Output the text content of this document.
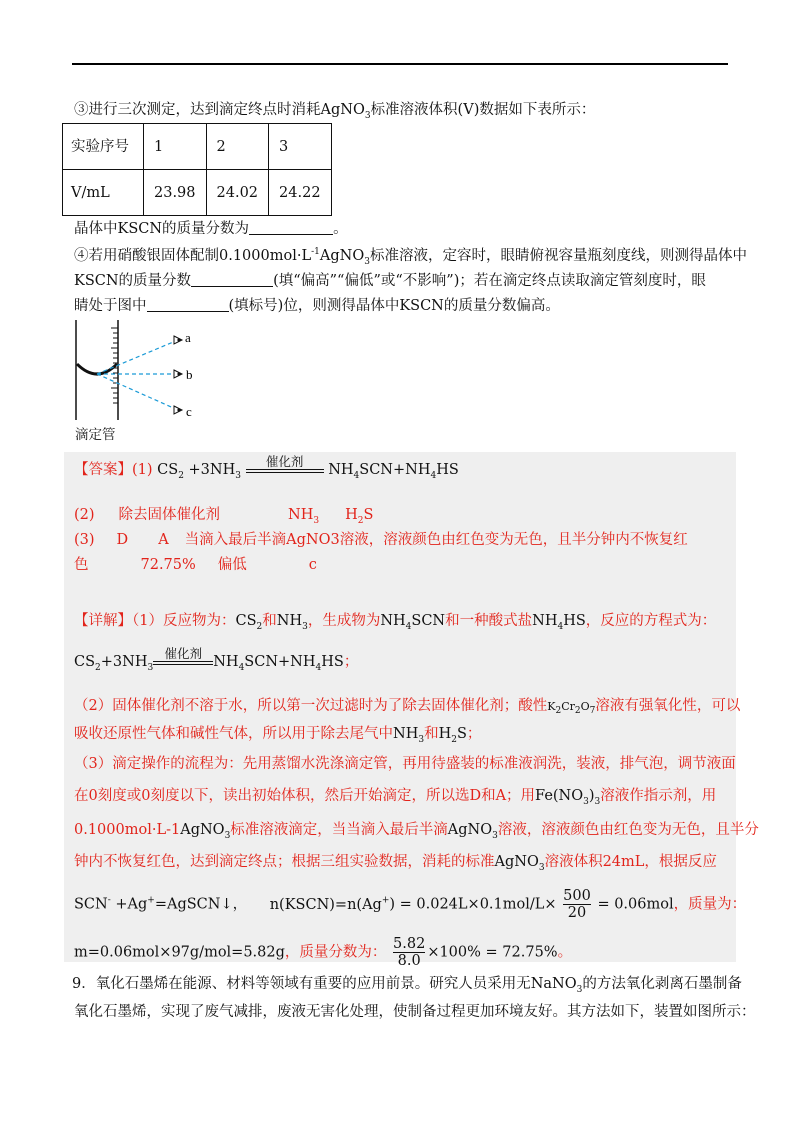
③进行三次测定，达到滴定终点时消耗AgNO$_3$标准溶液体积(V)数据如下表所示：
实验序号	1	2	3
V/mL	23.98	24.02	24.22
晶体中KSCN的质量分数为	。
④若用硝酸银固体配制$0.1000mol\cdot L^{-1}AgNO_3$标准溶液，定容时，眼睛俯视容量瓶刻度线，则测得晶体中
KSCN的质量分数	(填“偏高”“偏低”或“不影响”)；若在滴定终点读取滴定管刻度时，眼
睛处于图中	(填标号)位，则测得晶体中KSCN的质量分数偏高。
a
b
c
滴定管
【答案】(1) $CS_2 +3NH_3$
催化剂
$NH_4SCN+NH_4HS$
(2) 除去固体催化剂	$NH_3$ $H_2S$
(3) D A 当滴入最后半滴AgNO3溶液，溶液颜色由红色变为无色，且半分钟内不恢复红
色	72.75% 偏低	c
【详解】（1）反应物为：$CS_2$和$NH_3$，生成物为$NH_4SCN$和一种酸式盐$NH_4HS$，反应的方程式为：
$CS_2+3NH_3$
催化剂
$NH_4SCN+NH_4HS$；
（2）固体催化剂不溶于水，所以第一次过滤时为了除去固体催化剂；酸性$K_2Cr_2O_7$溶液有强氧化性，可以
吸收还原性气体和碱性气体，所以用于除去尾气中$NH_3$和$H_2S$；
（3）滴定操作的流程为：先用蒸馏水洗涤滴定管，再用待盛装的标准液润洗，装液，排气泡，调节液面
在0刻度或0刻度以下，读出初始体积，然后开始滴定，所以选D和A；用$Fe(NO_3)_3$溶液作指示剂，用
0.1000mol·L-1AgNO$_3$标准溶液滴定，当当滴入最后半滴AgNO$_3$溶液，溶液颜色由红色变为无色，且半分
钟内不恢复红色，达到滴定终点；根据三组实验数据，消耗的标准AgNO$_3$溶液体积24mL，根据反应
SCN- +Ag+=AgSCN↓， n(KSCN)=n(Ag+) = $0.024L\times 0.1mol/L\times \frac{500}{20} = 0.06mol$，质量为：
m=0.06mol×97g/mol=5.82g，质量分数为： $\frac{5.82}{8.0} \times 100\% = 72.75\%$。
9．氧化石墨烯在能源、材料等领域有重要的应用前景。研究人员采用无NaNO$_3$的方法氧化剥离石墨制备
氧化石墨烯，实现了废气减排，废液无害化处理，使制备过程更加环境友好。其方法如下，装置如图所示：
